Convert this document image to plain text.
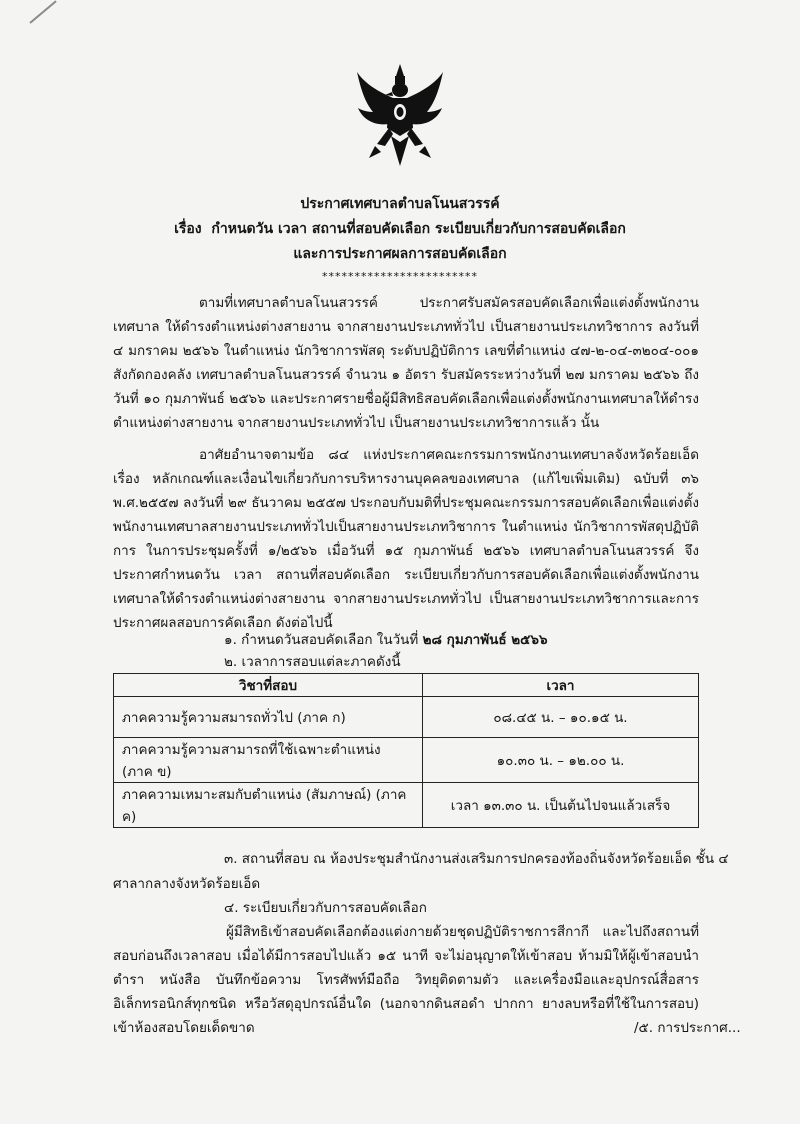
ประกาศเทศบาลตำบลโนนสวรรค์
เรื่อง กำหนดวัน เวลา สถานที่สอบคัดเลือก ระเบียบเกี่ยวกับการสอบคัดเลือก
และการประกาศผลการสอบคัดเลือก
************************
ตามที่เทศบาลตำบลโนนสวรรค์ ประกาศรับสมัครสอบคัดเลือกเพื่อแต่งตั้งพนักงานเทศบาล ให้ดำรงตำแหน่งต่างสายงาน จากสายงานประเภททั่วไป เป็นสายงานประเภทวิชาการ ลงวันที่ ๔ มกราคม ๒๕๖๖ ในตำแหน่ง นักวิชาการพัสดุ ระดับปฏิบัติการ เลขที่ตำแหน่ง ๔๗-๒-๐๔-๓๒๐๔-๐๐๑ สังกัดกองคลัง เทศบาลตำบลโนนสวรรค์ จำนวน ๑ อัตรา รับสมัครระหว่างวันที่ ๒๗ มกราคม ๒๕๖๖ ถึงวันที่ ๑๐ กุมภาพันธ์ ๒๕๖๖ และประกาศรายชื่อผู้มีสิทธิสอบคัดเลือกเพื่อแต่งตั้งพนักงานเทศบาลให้ดำรงตำแหน่งต่างสายงาน จากสายงานประเภททั่วไป เป็นสายงานประเภทวิชาการแล้ว นั้น
อาศัยอำนาจตามข้อ ๘๔ แห่งประกาศคณะกรรมการพนักงานเทศบาลจังหวัดร้อยเอ็ด เรื่อง หลักเกณฑ์และเงื่อนไขเกี่ยวกับการบริหารงานบุคคลของเทศบาล (แก้ไขเพิ่มเติม) ฉบับที่ ๓๖ พ.ศ.๒๕๕๗ ลงวันที่ ๒๙ ธันวาคม ๒๕๕๗ ประกอบกับมติที่ประชุมคณะกรรมการสอบคัดเลือกเพื่อแต่งตั้งพนักงานเทศบาลสายงานประเภททั่วไปเป็นสายงานประเภทวิชาการ ในตำแหน่ง นักวิชาการพัสดุปฏิบัติการ ในการประชุมครั้งที่ ๑/๒๕๖๖ เมื่อวันที่ ๑๕ กุมภาพันธ์ ๒๕๖๖ เทศบาลตำบลโนนสวรรค์ จึงประกาศกำหนดวัน เวลา สถานที่สอบคัดเลือก ระเบียบเกี่ยวกับการสอบคัดเลือกเพื่อแต่งตั้งพนักงานเทศบาลให้ดำรงตำแหน่งต่างสายงาน จากสายงานประเภททั่วไป เป็นสายงานประเภทวิชาการและการประกาศผลสอบการคัดเลือก ดังต่อไปนี้
๑. กำหนดวันสอบคัดเลือก ในวันที่ ๒๘ กุมภาพันธ์ ๒๕๖๖
๒. เวลาการสอบแต่ละภาคดังนี้
วิชาที่สอบ	เวลา
ภาคความรู้ความสมารถทั่วไป (ภาค ก)	๐๘.๔๕ น. – ๑๐.๑๕ น.
ภาคความรู้ความสามารถที่ใช้เฉพาะตำแหน่ง (ภาค ข)	๑๐.๓๐ น. – ๑๒.๐๐ น.
ภาคความเหมาะสมกับตำแหน่ง (สัมภาษณ์) (ภาค ค)	เวลา ๑๓.๓๐ น. เป็นต้นไปจนแล้วเสร็จ
๓. สถานที่สอบ ณ ห้องประชุมสำนักงานส่งเสริมการปกครองท้องถิ่นจังหวัดร้อยเอ็ด ชั้น ๔
ศาลากลางจังหวัดร้อยเอ็ด
๔. ระเบียบเกี่ยวกับการสอบคัดเลือก
ผู้มีสิทธิเข้าสอบคัดเลือกต้องแต่งกายด้วยชุดปฏิบัติราชการสีกากี และไปถึงสถานที่สอบก่อนถึงเวลาสอบ เมื่อได้มีการสอบไปแล้ว ๑๕ นาที จะไม่อนุญาตให้เข้าสอบ ห้ามมิให้ผู้เข้าสอบนำตำรา หนังสือ บันทึกข้อความ โทรศัพท์มือถือ วิทยุติดตามตัว และเครื่องมือและอุปกรณ์สื่อสารอิเล็กทรอนิกส์ทุกชนิด หรือวัสดุอุปกรณ์อื่นใด (นอกจากดินสอดำ ปากกา ยางลบหรือที่ใช้ในการสอบ) เข้าห้องสอบโดยเด็ดขาด	/๕. การประกาศ...
